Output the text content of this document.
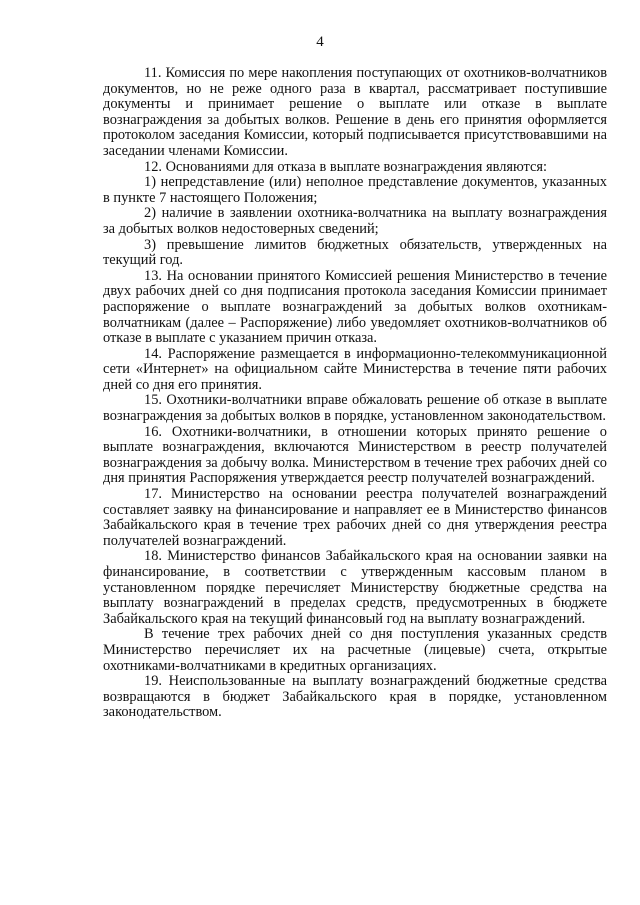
4

11. Комиссия по мере накопления поступающих от охотников-волчатников документов, но не реже одного раза в квартал, рассматривает поступившие документы и принимает решение о выплате или отказе в выплате вознаграждения за добытых волков. Решение в день его принятия оформляется протоколом заседания Комиссии, который подписывается присутствовавшими на заседании членами Комиссии.

12. Основаниями для отказа в выплате вознаграждения являются:

1) непредставление (или) неполное представление документов, указанных в пункте 7 настоящего Положения;

2) наличие в заявлении охотника-волчатника на выплату вознаграждения за добытых волков недостоверных сведений;

3) превышение лимитов бюджетных обязательств, утвержденных на текущий год.

13. На основании принятого Комиссией решения Министерство в течение двух рабочих дней со дня подписания протокола заседания Комиссии принимает распоряжение о выплате вознаграждений за добытых волков охотникам-волчатникам (далее – Распоряжение) либо уведомляет охотников-волчатников об отказе в выплате с указанием причин отказа.

14. Распоряжение размещается в информационно-телекоммуникационной сети «Интернет» на официальном сайте Министерства в течение пяти рабочих дней со дня его принятия.

15. Охотники-волчатники вправе обжаловать решение об отказе в выплате вознаграждения за добытых волков в порядке, установленном законодательством.

16. Охотники-волчатники, в отношении которых принято решение о выплате вознаграждения, включаются Министерством в реестр получателей вознаграждения за добычу волка. Министерством в течение трех рабочих дней со дня принятия Распоряжения утверждается реестр получателей вознаграждений.

17. Министерство на основании реестра получателей вознаграждений составляет заявку на финансирование и направляет ее в Министерство финансов Забайкальского края в течение трех рабочих дней со дня утверждения реестра получателей вознаграждений.

18. Министерство финансов Забайкальского края на основании заявки на финансирование, в соответствии с утвержденным кассовым планом в установленном порядке перечисляет Министерству бюджетные средства на выплату вознаграждений в пределах средств, предусмотренных в бюджете Забайкальского края на текущий финансовый год на выплату вознаграждений.

В течение трех рабочих дней со дня поступления указанных средств Министерство перечисляет их на расчетные (лицевые) счета, открытые охотниками-волчатниками в кредитных организациях.

19. Неиспользованные на выплату вознаграждений бюджетные средства возвращаются в бюджет Забайкальского края в порядке, установленном законодательством.
